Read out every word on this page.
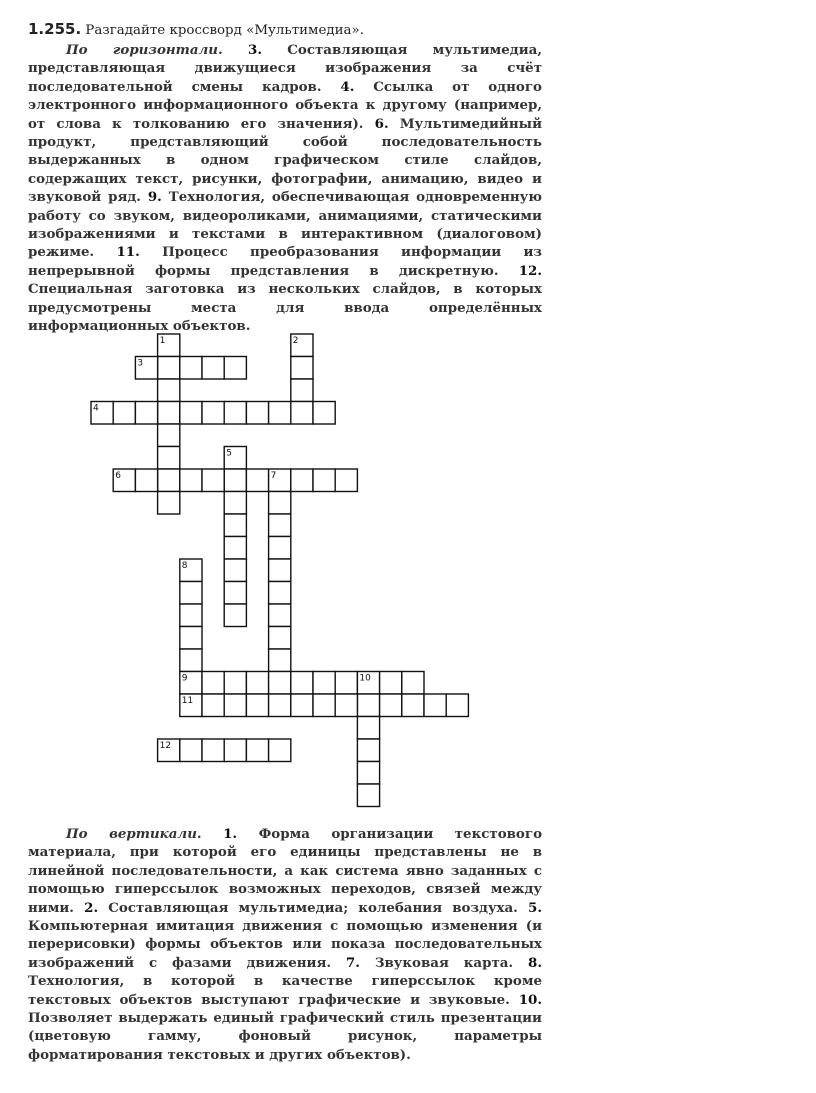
1.255. Разгадайте кроссворд «Мультимедиа».

По горизонтали. 3. Составляющая мультимедиа, представляющая движущиеся изображения за счёт последовательной смены кадров. 4. Ссылка от одного электронного информационного объекта к другому (например, от слова к толкованию его значения). 6. Мультимедийный продукт, представляющий собой последовательность выдержанных в одном графическом стиле слайдов, содержащих текст, рисунки, фотографии, анимацию, видео и звуковой ряд. 9. Технология, обеспечивающая одновременную работу со звуком, видеороликами, анимациями, статическими изображениями и текстами в интерактивном (диалоговом) режиме. 11. Процесс преобразования информации из непрерывной формы представления в дискретную. 12. Специальная заготовка из нескольких слайдов, в которых предусмотрены места для ввода определённых информационных объектов.

1	2
3
4
5
6	7
8
9	10
11
12

По вертикали. 1. Форма организации текстового материала, при которой его единицы представлены не в линейной последовательности, а как система явно заданных с помощью гиперссылок возможных переходов, связей между ними. 2. Составляющая мультимедиа; колебания воздуха. 5. Компьютерная имитация движения с помощью изменения (и перерисовки) формы объектов или показа последовательных изображений с фазами движения. 7. Звуковая карта. 8. Технология, в которой в качестве гиперссылок кроме текстовых объектов выступают графические и звуковые. 10. Позволяет выдержать единый графический стиль презентации (цветовую гамму, фоновый рисунок, параметры форматирования текстовых и других объектов).
